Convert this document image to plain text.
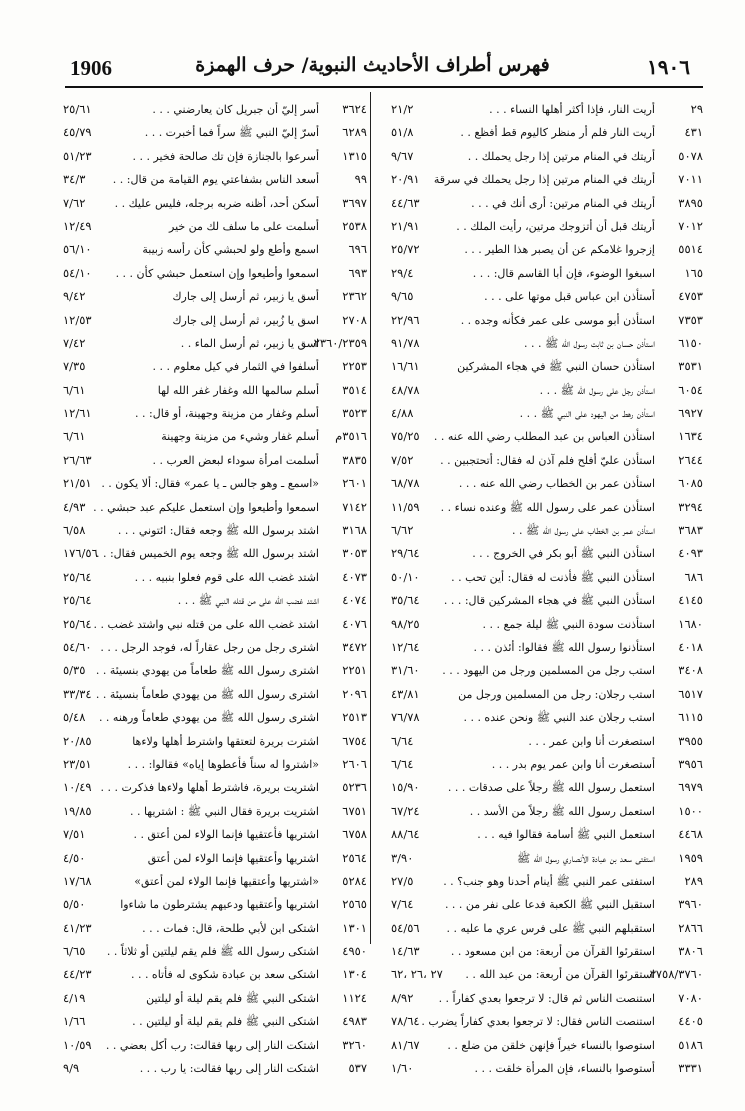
1906	فهرس أطراف الأحاديث النبوية/ حرف الهمزة	١٩٠٦
٢٩
أريت النار، فإذا أكثر أهلها النساء . . .
٢١/٢
٤٣١
أريت النار فلم أر منظر كاليوم قط أفظع . .
٥١/٨
٥٠٧٨
أريتك في المنام مرتين إذا رجل يحملك . .
٩/٦٧
٧٠١١
أريتك في المنام مرتين إذا رجل يحملك في سرقة
٢٠/٩١
٣٨٩٥
أريتك في المنام مرتين: أرى أنك في . . .
٤٤/٦٣
٧٠١٢
أريتك قبل أن أتزوجك مرتين، رأيت الملك . .
٢١/٩١
٥٥١٤
إزجروا غلامكم عن أن يصبر هذا الطير . . .
٢٥/٧٢
١٦٥
اسبغوا الوضوء، فإن أبا القاسم قال: . . .
٢٩/٤
٤٧٥٣
أستأذن ابن عباس قبل موتها على . . .
٩/٦٥
٧٣٥٣
استأذن أبو موسى على عمر فكأنه وجده . .
٢٢/٩٦
٦١٥٠
استأذن حسان بن ثابت رسول الله ﷺ . . .
٩١/٧٨
٣٥٣١
استأذن حسان النبي ﷺ في هجاء المشركين
١٦/٦١
٦٠٥٤
استأذن رجل على رسول الله ﷺ . . .
٤٨/٧٨
٦٩٢٧
استأذن رهط من اليهود على النبي ﷺ . . .
٤/٨٨
١٦٣٤
استأذن العباس بن عبد المطلب رضي الله عنه . .
٧٥/٢٥
٢٦٤٤
استأذن عليّ أفلح فلم آذن له فقال: أتحتجبين . .
٧/٥٢
٦٠٨٥
استأذن عمر بن الخطاب رضي الله عنه . . .
٦٨/٧٨
٣٢٩٤
استأذن عمر على رسول الله ﷺ وعنده نساء . .
١١/٥٩
٣٦٨٣
استأذن عمر بن الخطاب على رسول الله ﷺ . .
٦/٦٢
٤٠٩٣
استأذن النبي ﷺ أبو بكر في الخروج . . .
٢٩/٦٤
٦٨٦
استأذن النبي ﷺ فأذنت له فقال: أين تحب . .
٥٠/١٠
٤١٤٥
استأذن النبي ﷺ في هجاء المشركين قال: . . .
٣٥/٦٤
١٦٨٠
استأذنت سودة النبي ﷺ ليلة جمع . . .
٩٨/٢٥
٤٠١٨
استأذنوا رسول الله ﷺ فقالوا: أئذن . . .
١٢/٦٤
٣٤٠٨
استب رجل من المسلمين ورجل من اليهود . . .
٣١/٦٠
٦٥١٧
استب رجلان: رجل من المسلمين ورجل من
٤٣/٨١
٦١١٥
استب رجلان عند النبي ﷺ ونحن عنده . . .
٧٦/٧٨
٣٩٥٥
استصغرت أنا وابن عمر . . .
٦/٦٤
٣٩٥٦
أستصغرت أنا وابن عمر يوم بدر . . .
٦/٦٤
٦٩٧٩
استعمل رسول الله ﷺ رجلاً على صدقات . . .
١٥/٩٠
١٥٠٠
استعمل رسول الله ﷺ رجلاً من الأسد . .
٦٧/٢٤
٤٤٦٨
استعمل النبي ﷺ أسامة فقالوا فيه . . .
٨٨/٦٤
١٩٥٩
استفتى سعد بن عبادة الأنصاري رسول الله ﷺ
٣/٩٠
٢٨٩
استفتى عمر النبي ﷺ أينام أحدنا وهو جنب؟ . .
٢٧/٥
٣٩٦٠
استقبل النبي ﷺ الكعبة فدعا على نفر من . . .
٧/٦٤
٢٨٦٦
استقبلهم النبي ﷺ على فرس عري ما عليه . .
٥٤/٥٦
٣٨٠٦
استقرئوا القرآن من أربعة: من ابن مسعود . .
١٤/٦٣
٣٧٥٨/٣٧٦٠
استقرئوا القرآن من أربعة: من عبد الله . .
٢٧ ،٢٦ ،٦٢
٧٠٨٠
استنصت الناس ثم قال: لا ترجعوا بعدي كفاراً . .
٨/٩٢
٤٤٠٥
استنصت الناس فقال: لا ترجعوا بعدي كفاراً يضرب .
٧٨/٦٤
٥١٨٦
استوصوا بالنساء خيراً فإنهن خلقن من ضلع . .
٨١/٦٧
٣٣٣١
أستوصوا بالنساء، فإن المرأة خلقت . . .
١/٦٠
٣٦٢٤
أسر إليّ أن جبريل كان يعارضني . . .
٢٥/٦١
٦٢٨٩
أسرّ إليّ النبي ﷺ سراً فما أخبرت . . .
٤٥/٧٩
١٣١٥
أسرعوا بالجنازة فإن تك صالحة فخير . . .
٥١/٢٣
٩٩
أسعد الناس بشفاعتي يوم القيامة من قال: . .
٣٤/٣
٣٦٩٧
أسكن أحد، أظنه ضربه برجله، فليس عليك . .
٧/٦٢
٢٥٣٨
أسلمت على ما سلف لك من خير
١٢/٤٩
٦٩٦
اسمع وأطع ولو لحبشي كأن رأسه زبيبة
٥٦/١٠
٦٩٣
اسمعوا وأطيعوا وإن استعمل حبشي كأن . . .
٥٤/١٠
٢٣٦٢
أسق يا زبير، ثم أرسل إلى جارك
٩/٤٢
٢٧٠٨
اسق يا زُبير، ثم أرسل إلى جارك
١٢/٥٣
٢٣٦٠/٢٣٥٩
اسق يا زبير، ثم أرسل الماء . .
٧/٤٢
٢٢٥٣
أسلفوا في الثمار في كيل معلوم . . .
٧/٣٥
٣٥١٤
أسلم سالمها الله وغفار غفر الله لها
٦/٦١
٣٥٢٣
أسلم وغفار من مزينة وجهينة، أو قال: . .
١٢/٦١
٣٥١٦م
أسلم غفار وشيء من مزينة وجهينة
٦/٦١
٣٨٣٥
أسلمت امرأة سوداء لبعض العرب . .
٢٦/٦٣
٢٦٠١
«اسمع ـ وهو جالس ـ يا عمر» فقال: ألا يكون . .
٢١/٥١
٧١٤٢
اسمعوا وأطيعوا وإن استعمل عليكم عبد حبشي . .
٤/٩٣
٣١٦٨
اشتد برسول الله ﷺ وجعه فقال: ائتوني . . .
٦/٥٨
٣٠٥٣
اشتد برسول الله ﷺ وجعه يوم الخميس فقال: . .
١٧٦/٥٦
٤٠٧٣
اشتد غضب الله على قوم فعلوا بنبيه . . .
٢٥/٦٤
٤٠٧٤
اشتد غضب الله على من قتله النبي ﷺ . . .
٢٥/٦٤
٤٠٧٦
اشتد غضب الله على من قتله نبي واشتد غضب . .
٢٥/٦٤
٣٤٧٢
اشترى رجل من رجل عقاراً له، فوجد الرجل . . .
٥٤/٦٠
٢٢٥١
اشترى رسول الله ﷺ طعاماً من يهودي بنسيئة . .
٥/٣٥
٢٠٩٦
اشترى رسول الله ﷺ من يهودي طعاماً بنسيئة . .
٣٣/٣٤
٢٥١٣
اشترى رسول الله ﷺ من يهودي طعاماً ورهنه . .
٥/٤٨
٦٧٥٤
اشترت بريرة لتعتقها واشترط أهلها ولاءها
٢٠/٨٥
٢٦٠٦
«اشتروا له سناً فأعطوها إياه» فقالوا: . . .
٢٣/٥١
٥٢٣٦
اشتريت بريرة، فاشترط أهلها ولاءها فذكرت . . .
١٠/٤٩
٦٧٥١
اشتريت بريرة فقال النبي ﷺ : اشتريها . .
١٩/٨٥
٦٧٥٨
اشتريها فأعتقيها فإنما الولاء لمن أعتق . .
٧/٥١
٢٥٦٤
اشتريها وأعتقيها فإنما الولاء لمن أعتق
٤/٥٠
٥٢٨٤
«اشتريها وأعتقيها فإنما الولاء لمن أعتق»
١٧/٦٨
٢٥٦٥
اشتريها وأعتقيها ودعيهم يشترطون ما شاءوا
٥/٥٠
١٣٠١
اشتكى ابن لأبي طلحة، قال: فمات . . .
٤١/٢٣
٤٩٥٠
اشتكى رسول الله ﷺ فلم يقم ليلتين أو ثلاثاً . .
٦/٦٥
١٣٠٤
اشتكى سعد بن عبادة شكوى له فأتاه . . .
٤٤/٢٣
١١٢٤
اشتكى النبي ﷺ فلم يقم ليلة أو ليلتين
٤/١٩
٤٩٨٣
اشتكى النبي ﷺ فلم يقم ليلة أو ليلتين . .
١/٦٦
٣٢٦٠
اشتكت النار إلى ربها فقالت: رب أكل بعضي . .
١٠/٥٩
٥٣٧
اشتكت النار إلى ربها فقالت: يا رب . . .
٩/٩
